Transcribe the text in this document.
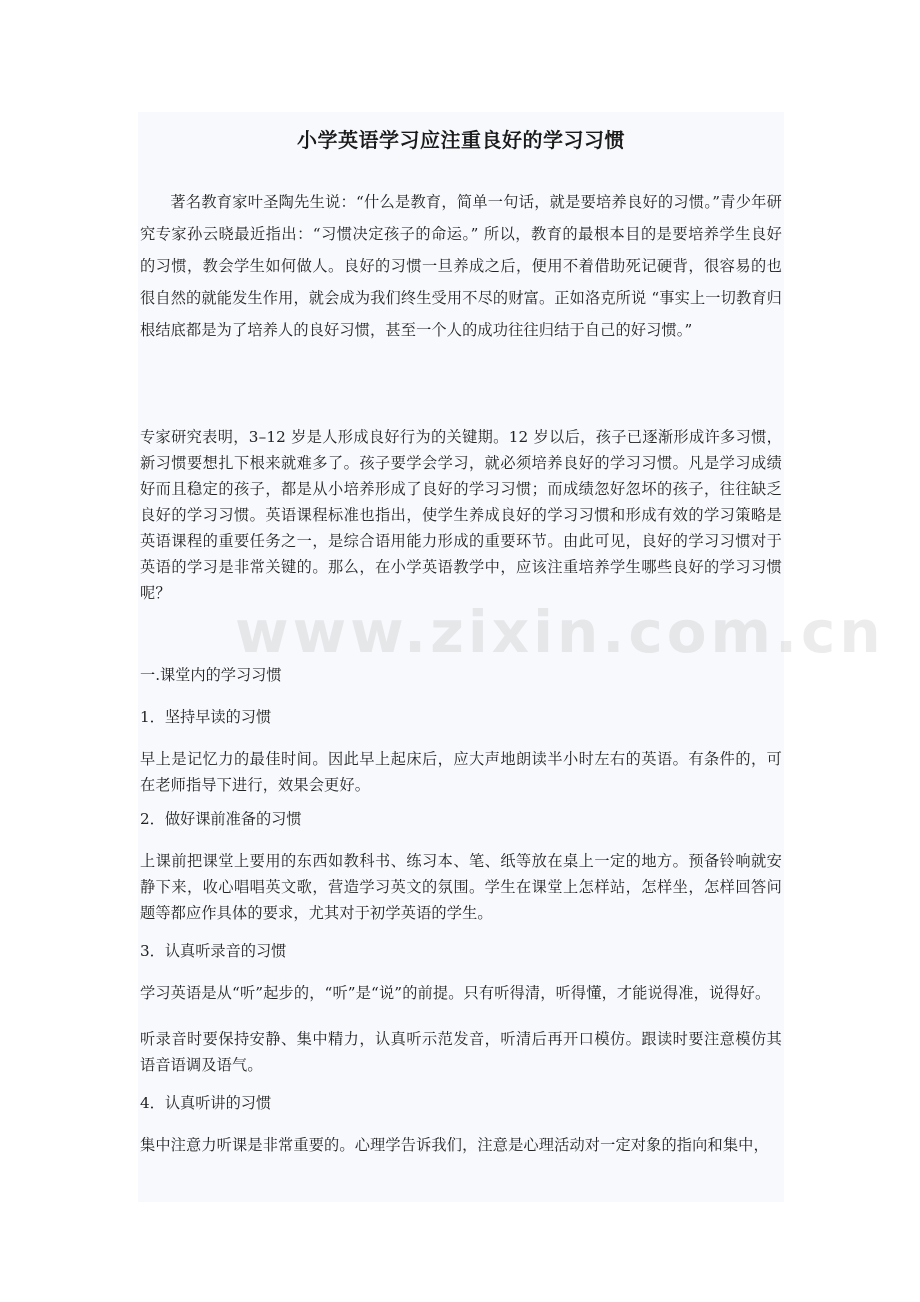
小学英语学习应注重良好的学习习惯

著名教育家叶圣陶先生说：“什么是教育，简单一句话，就是要培养良好的习惯。”青少年研究专家孙云晓最近指出：“习惯决定孩子的命运。” 所以，教育的最根本目的是要培养学生良好的习惯，教会学生如何做人。良好的习惯一旦养成之后，便用不着借助死记硬背，很容易的也很自然的就能发生作用，就会成为我们终生受用不尽的财富。正如洛克所说 “事实上一切教育归根结底都是为了培养人的良好习惯，甚至一个人的成功往往归结于自己的好习惯。”

专家研究表明，3–12 岁是人形成良好行为的关键期。12 岁以后，孩子已逐渐形成许多习惯，新习惯要想扎下根来就难多了。孩子要学会学习，就必须培养良好的学习习惯。凡是学习成绩好而且稳定的孩子，都是从小培养形成了良好的学习习惯；而成绩忽好忽坏的孩子，往往缺乏良好的学习习惯。英语课程标准也指出，使学生养成良好的学习习惯和形成有效的学习策略是英语课程的重要任务之一，是综合语用能力形成的重要环节。由此可见，良好的学习习惯对于英语的学习是非常关键的。那么，在小学英语教学中，应该注重培养学生哪些良好的学习习惯呢？

一.课堂内的学习习惯

1．坚持早读的习惯

早上是记忆力的最佳时间。因此早上起床后，应大声地朗读半小时左右的英语。有条件的，可在老师指导下进行，效果会更好。

2．做好课前准备的习惯

上课前把课堂上要用的东西如教科书、练习本、笔、纸等放在桌上一定的地方。预备铃响就安静下来，收心唱唱英文歌，营造学习英文的氛围。学生在课堂上怎样站，怎样坐，怎样回答问题等都应作具体的要求，尤其对于初学英语的学生。

3．认真听录音的习惯

学习英语是从“听”起步的，“听”是“说”的前提。只有听得清，听得懂，才能说得准，说得好。

听录音时要保持安静、集中精力，认真听示范发音，听清后再开口模仿。跟读时要注意模仿其语音语调及语气。

4．认真听讲的习惯

集中注意力听课是非常重要的。心理学告诉我们，注意是心理活动对一定对象的指向和集中，
